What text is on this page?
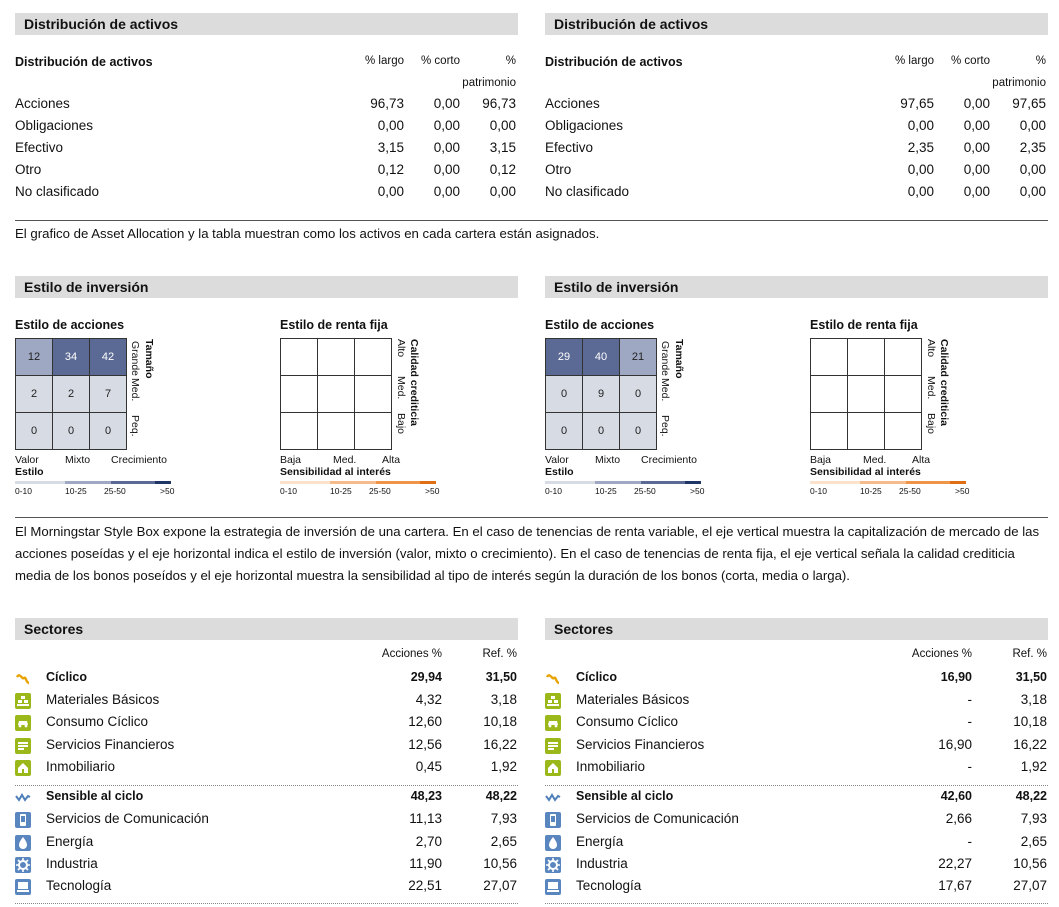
Distribución de activos
Distribución de activos	% largo	% corto	%
patrimonio
Acciones	96,73	0,00	96,73
Obligaciones	0,00	0,00	0,00
Efectivo	3,15	0,00	3,15
Otro	0,12	0,00	0,12
No clasificado	0,00	0,00	0,00
Distribución de activos
Distribución de activos	% largo	% corto	%
patrimonio
Acciones	97,65	0,00	97,65
Obligaciones	0,00	0,00	0,00
Efectivo	2,35	0,00	2,35
Otro	0,00	0,00	0,00
No clasificado	0,00	0,00	0,00
El grafico de Asset Allocation y la tabla muestran como los activos en cada cartera están asignados.
Estilo de inversión
Estilo de acciones
12	34	42
2	2	7
0	0	0
Grande
Med.
Peq.
Tamaño
Valor	Mixto Crecimiento
Estilo
0-10	10-25 25-50	>50
Estilo de renta fija
Alto
Med.
Bajo Calidad crediticia
Baja	Med. Alta
Sensibilidad al interés
0-10	10-25 25-50	>50
Estilo de inversión
Estilo de acciones
29	40	21
0	9	0
0	0	0
Grande
Med.
Peq.
Tamaño
Valor	Mixto Crecimiento
Estilo
0-10	10-25 25-50	>50
Estilo de renta fija
Alto
Med.
Bajo Calidad crediticia
Baja	Med. Alta
Sensibilidad al interés
0-10	10-25 25-50	>50
El Morningstar Style Box expone la estrategia de inversión de una cartera. En el caso de tenencias de renta variable, el eje vertical muestra la capitalización de mercado de las acciones poseídas y el eje horizontal indica el estilo de inversión (valor, mixto o crecimiento). En el caso de tenencias de renta fija, el eje vertical señala la calidad crediticia media de los bonos poseídos y el eje horizontal muestra la sensibilidad al tipo de interés según la duración de los bonos (corta, media o larga).
Sectores
Acciones %	Ref. %
Cíclico	29,94	31,50
Materiales Básicos	4,32	3,18
Consumo Cíclico	12,60	10,18
Servicios Financieros	12,56	16,22
Inmobiliario	0,45	1,92
Sensible al ciclo	48,23	48,22
Servicios de Comunicación	11,13	7,93
Energía	2,70	2,65
Industria	11,90	10,56
Tecnología	22,51	27,07
Sectores
Acciones %	Ref. %
Cíclico	16,90	31,50
Materiales Básicos	-	3,18
Consumo Cíclico	-	10,18
Servicios Financieros	16,90	16,22
Inmobiliario	-	1,92
Sensible al ciclo	42,60	48,22
Servicios de Comunicación	2,66	7,93
Energía	-	2,65
Industria	22,27	10,56
Tecnología	17,67	27,07
